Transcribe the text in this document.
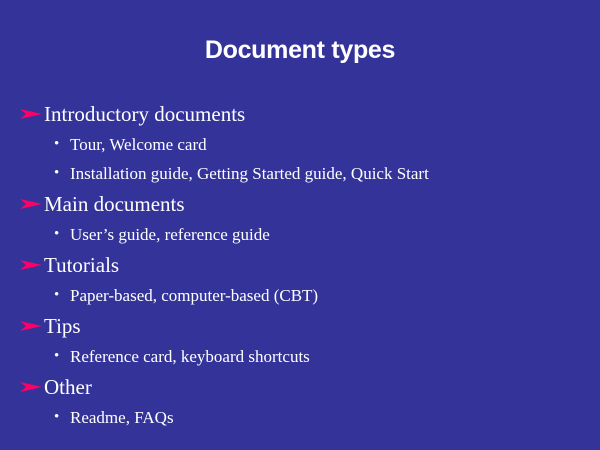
Document types
Introductory documents
• Tour, Welcome card
• Installation guide, Getting Started guide, Quick Start
Main documents
• User’s guide, reference guide
Tutorials
• Paper-based, computer-based (CBT)
Tips
• Reference card, keyboard shortcuts
Other
• Readme, FAQs
